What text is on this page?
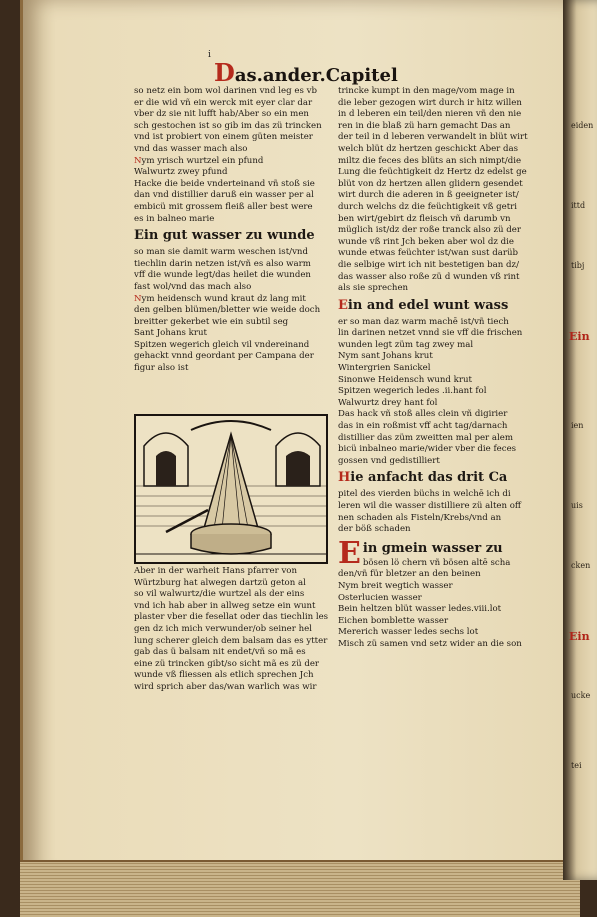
eiden
ittd
tibj
Ein
ien
uis
cken
Ein
ucke
tei
i
Das.ander.Capitel
so netz ein bom wol darinen vnd leg es vb
er die wid vñ ein werck mit eyer clar dar
vber dz sie nit lufft hab/Aber so ein men
sch gestochen ist so gib im das zü trincken
vnd ist probiert von einem güten meister
vnd das wasser mach also
Nym yrisch wurtzel ein pfund
Walwurtz zwey pfund
Hacke die beide vnderteinand vñ stoß sie
dan vnd distillier daruß ein wasser per al
embicü mit grossem fleiß aller best were
es in balneo marie
Ein gut wasser zu wunde
so man sie damit warm weschen ist/vnd
tiechlin darin netzen ist/vñ es also warm
vff die wunde legt/das heilet die wunden
fast wol/vnd das mach also
Nym heidensch wund kraut dz lang mit
den gelben blümen/bletter wie weide doch
breitter gekerbet wie ein subtil seg
Sant Johans krut
Spitzen wegerich gleich vil vndereinand
gehackt vnnd geordant per Campana der
figur also ist
Aber in der warheit Hans pfarrer von
Würtzburg hat alwegen dartzü geton al
so vil walwurtz/die wurtzel als der eins
vnd ich hab aber in allweg setze ein wunt
plaster vber die fesellat oder das tiechlin les
gen dz ich mich verwunder/ob seiner hel
lung scherer gleich dem balsam das es ytter
gab das ü balsam nit endet/vñ so mã es
eine zü trincken gibt/so sicht mã es zü der
wunde vß fliessen als etlich sprechen Jch
wird sprich aber das/wan warlich was wir
trincke kumpt in den mage/vom mage in
die leber gezogen wirt durch ir hitz willen
in d leberen ein teil/den nieren vñ den nie
ren in die blaß zü harn gemacht Das an
der teil in d leberen verwandelt in blüt wirt
welch blüt dz hertzen geschickt Aber das
miltz die feces des blüts an sich nimpt/die
Lung die feüchtigkeit dz Hertz dz edelst ge
blüt von dz hertzen allen glidern gesendet
wirt durch die aderen in ß geeigneter ist/
durch welchs dz die feüchtigkeit vß getri
ben wirt/gebirt dz fleisch vñ darumb vn
müglich ist/dz der roße tranck also zü der
wunde vß rint Jch beken aber wol dz die
wunde etwas feüchter ist/wan sust darüb
die selbige wirt ich nit bestetigen ban dz/
das wasser also roße zü d wunden vß rint
als sie sprechen
Ein and edel wunt wass
er so man daz warm machē ist/vñ tiech
lin darinen netzet vnnd sie vff die frischen
wunden legt züm tag zwey mal
Nym sant Johans krut
Wintergrien Sanickel
Sinonwe Heidensch wund krut
Spitzen wegerich ledes .ii.hant fol
Walwurtz drey hant fol
Das hack vñ stoß alles clein vñ digirier
das in ein roßmist vff acht tag/darnach
distillier das züm zweitten mal per alem
bicü inbalneo marie/wider vber die feces
gossen vnd gedistilliert
Hie anfacht das drit Ca
pitel des vierden büchs in welchē ich di
leren wil die wasser distilliere zü alten off
nen schaden als Fisteln/Krebs/vnd an
der böß schaden
E in gmein wasser zu
bösen lö chern vñ bösen altē scha
den/vñ für bletzer an den beinen
Nym breit wegtich wasser
Osterlucien wasser
Bein heltzen blüt wasser ledes.viii.lot
Eichen bomblette wasser
Mererich wasser ledes sechs lot
Misch zü samen vnd setz wider an die son
